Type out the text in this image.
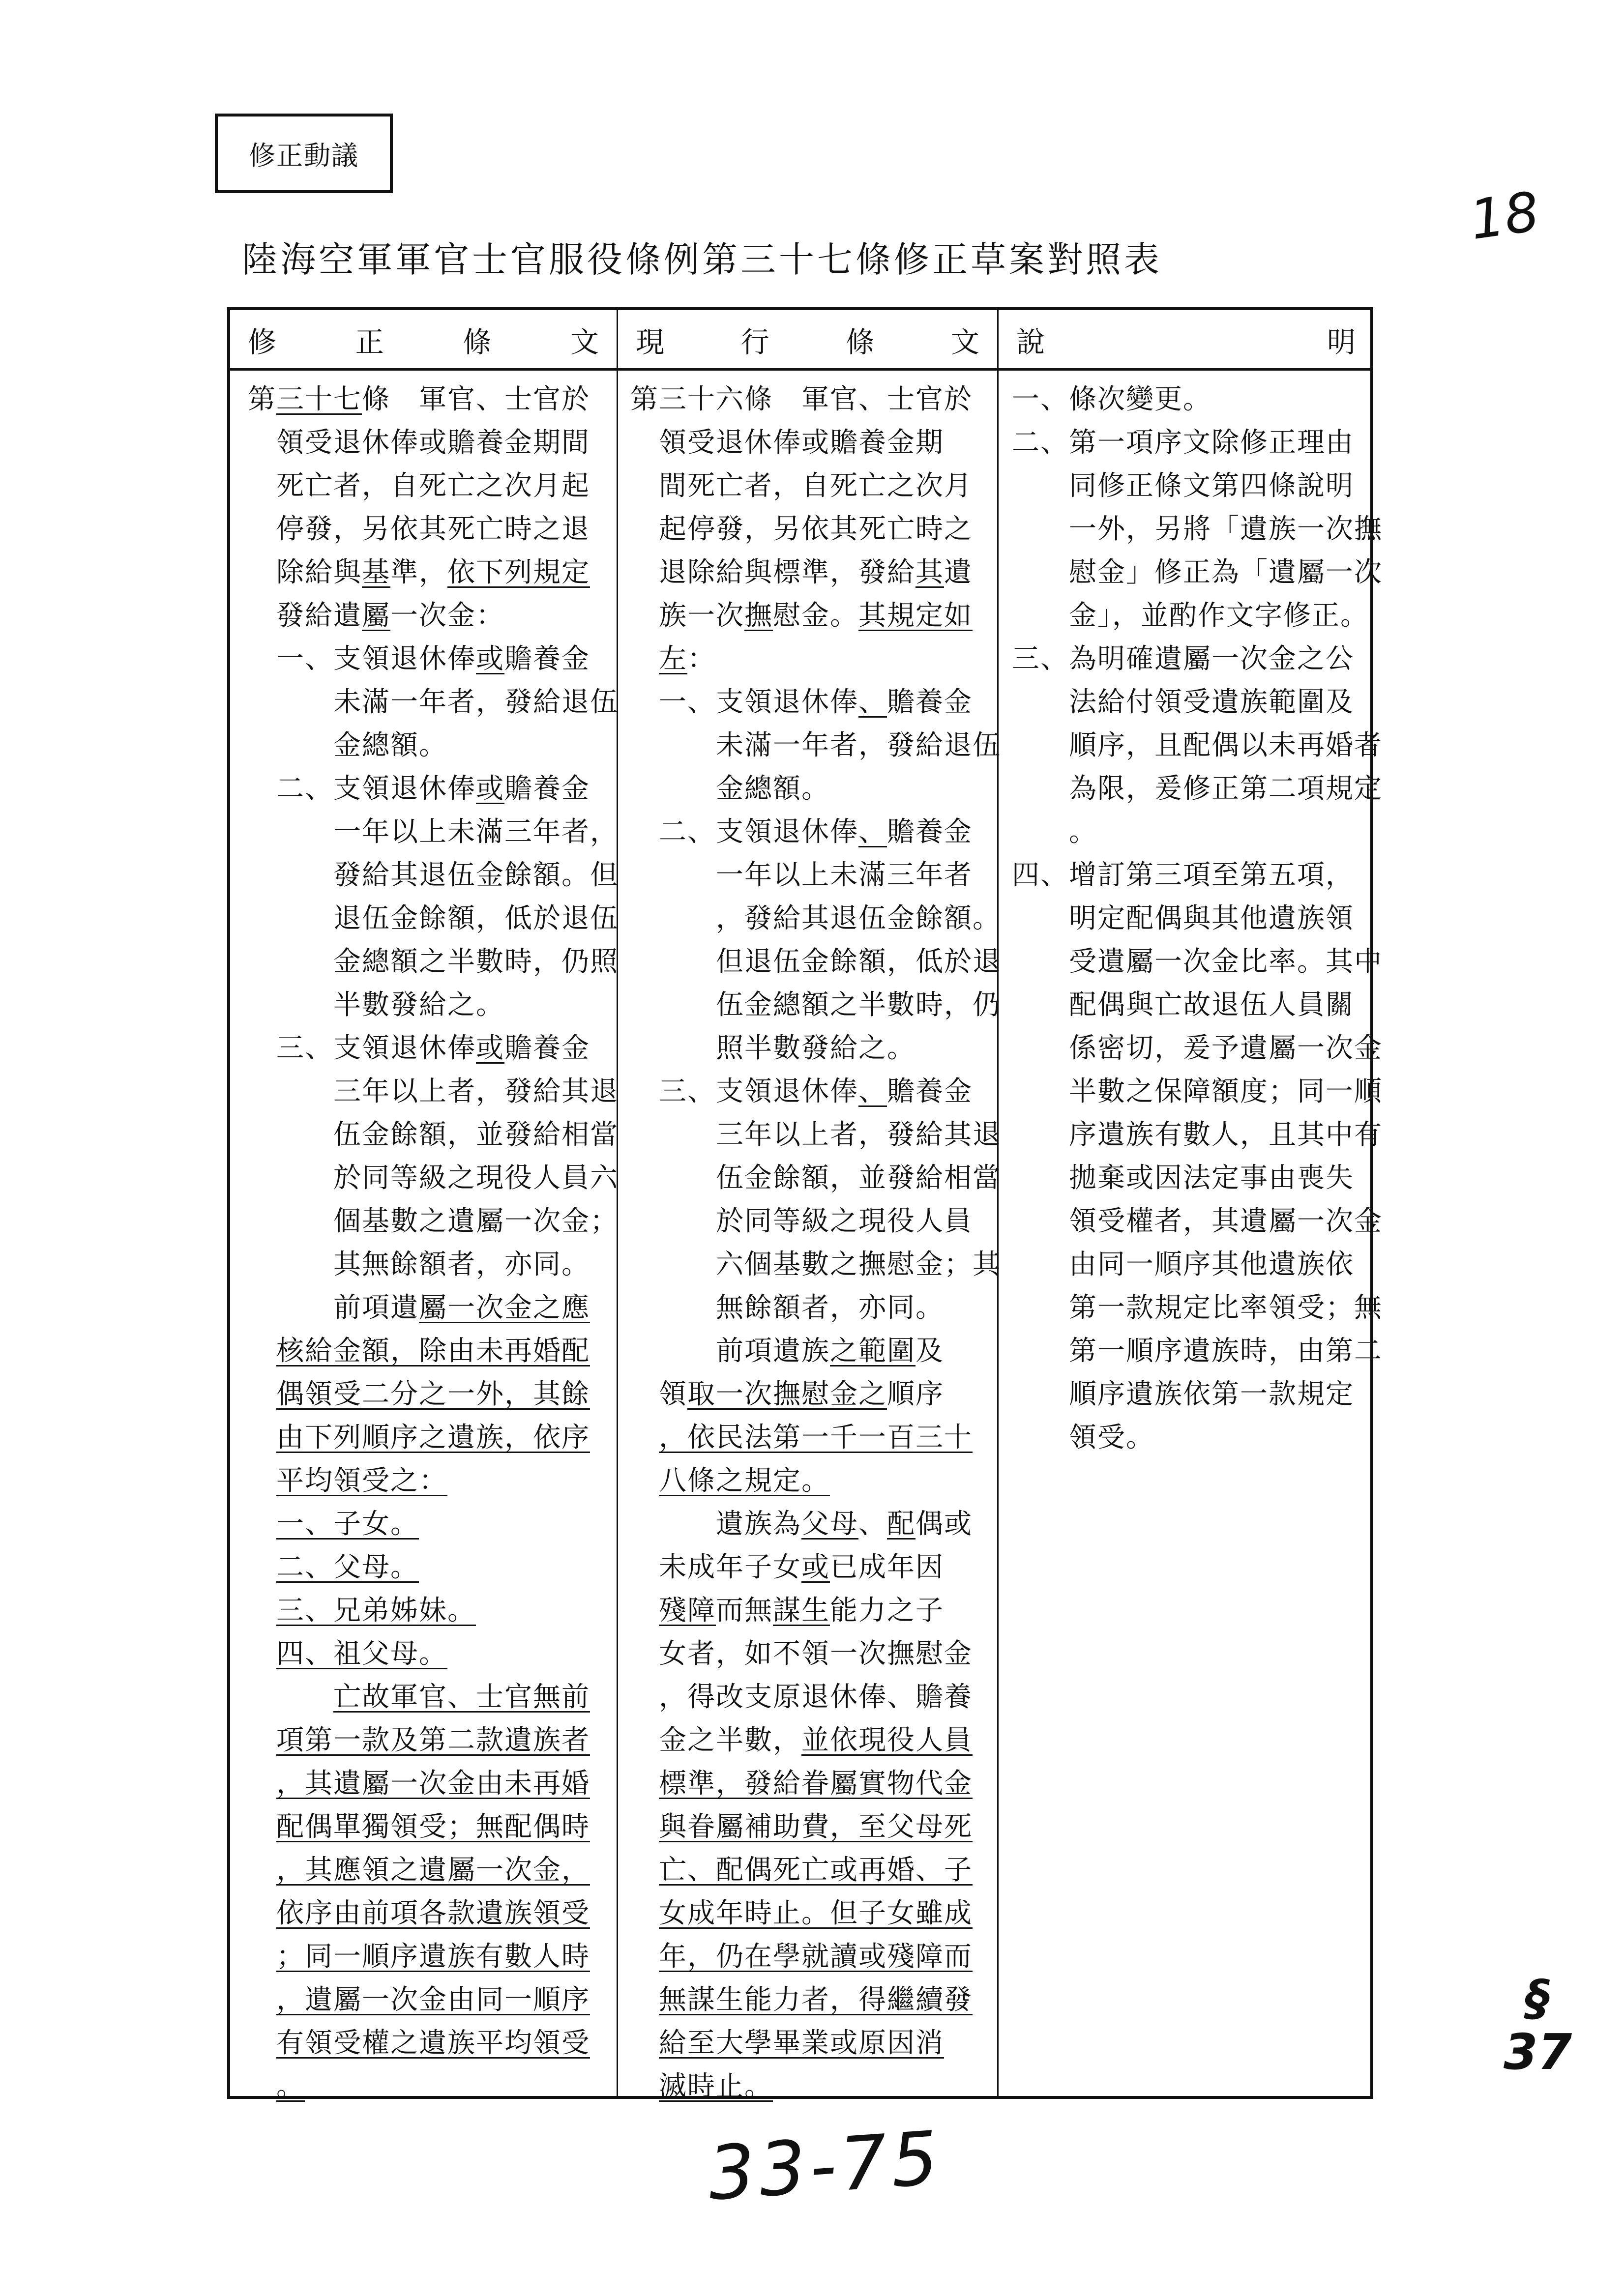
修正動議
陸海空軍軍官士官服役條例第三十七條修正草案對照表
修	正	條	文 現	行	條	文 說	明
第三十七條　軍官、士官於
　領受退休俸或贍養金期間
　死亡者，自死亡之次月起
　停發，另依其死亡時之退
　除給與基準，依下列規定
　發給遺屬一次金：
　一、支領退休俸或贍養金
　　　未滿一年者，發給退伍
　　　金總額。
　二、支領退休俸或贍養金
　　　一年以上未滿三年者，
　　　發給其退伍金餘額。但
　　　退伍金餘額，低於退伍
　　　金總額之半數時，仍照
　　　半數發給之。
　三、支領退休俸或贍養金
　　　三年以上者，發給其退
　　　伍金餘額，並發給相當
　　　於同等級之現役人員六
　　　個基數之遺屬一次金；
　　　其無餘額者，亦同。
　　　前項遺屬一次金之應
　核給金額，除由未再婚配
　偶領受二分之一外，其餘
　由下列順序之遺族，依序
　平均領受之：
　一、子女。
　二、父母。
　三、兄弟姊妹。
　四、祖父母。
　　　亡故軍官、士官無前
　項第一款及第二款遺族者
　，其遺屬一次金由未再婚
　配偶單獨領受；無配偶時
　，其應領之遺屬一次金，
　依序由前項各款遺族領受
　；同一順序遺族有數人時
　，遺屬一次金由同一順序
　有領受權之遺族平均領受
　。
第三十六條　軍官、士官於
　領受退休俸或贍養金期
　間死亡者，自死亡之次月
　起停發，另依其死亡時之
　退除給與標準，發給其遺
　族一次撫慰金。其規定如
　左：
　一、支領退休俸、贍養金
　　　未滿一年者，發給退伍
　　　金總額。
　二、支領退休俸、贍養金
　　　一年以上未滿三年者
　　　，發給其退伍金餘額。
　　　但退伍金餘額，低於退
　　　伍金總額之半數時，仍
　　　照半數發給之。
　三、支領退休俸、贍養金
　　　三年以上者，發給其退
　　　伍金餘額，並發給相當
　　　於同等級之現役人員
　　　六個基數之撫慰金；其
　　　無餘額者，亦同。
　　　前項遺族之範圍及
　領取一次撫慰金之順序
　，依民法第一千一百三十
　八條之規定。
　　　遺族為父母、配偶或
　未成年子女或已成年因
　殘障而無謀生能力之子
　女者，如不領一次撫慰金
　，得改支原退休俸、贍養
　金之半數，並依現役人員
　標準，發給眷屬實物代金
　與眷屬補助費，至父母死
　亡、配偶死亡或再婚、子
　女成年時止。但子女雖成
　年，仍在學就讀或殘障而
　無謀生能力者，得繼續發
　給至大學畢業或原因消
　滅時止。
一、條次變更。
二、第一項序文除修正理由
　　同修正條文第四條說明
　　一外，另將「遺族一次撫
　　慰金」修正為「遺屬一次
　　金」，並酌作文字修正。
三、為明確遺屬一次金之公
　　法給付領受遺族範圍及
　　順序，且配偶以未再婚者
　　為限，爰修正第二項規定
　　。
四、增訂第三項至第五項，
　　明定配偶與其他遺族領
　　受遺屬一次金比率。其中
　　配偶與亡故退伍人員關
　　係密切，爰予遺屬一次金
　　半數之保障額度；同一順
　　序遺族有數人，且其中有
　　拋棄或因法定事由喪失
　　領受權者，其遺屬一次金
　　由同一順序其他遺族依
　　第一款規定比率領受；無
　　第一順序遺族時，由第二
　　順序遺族依第一款規定
　　領受。
18
§
37
33-75
